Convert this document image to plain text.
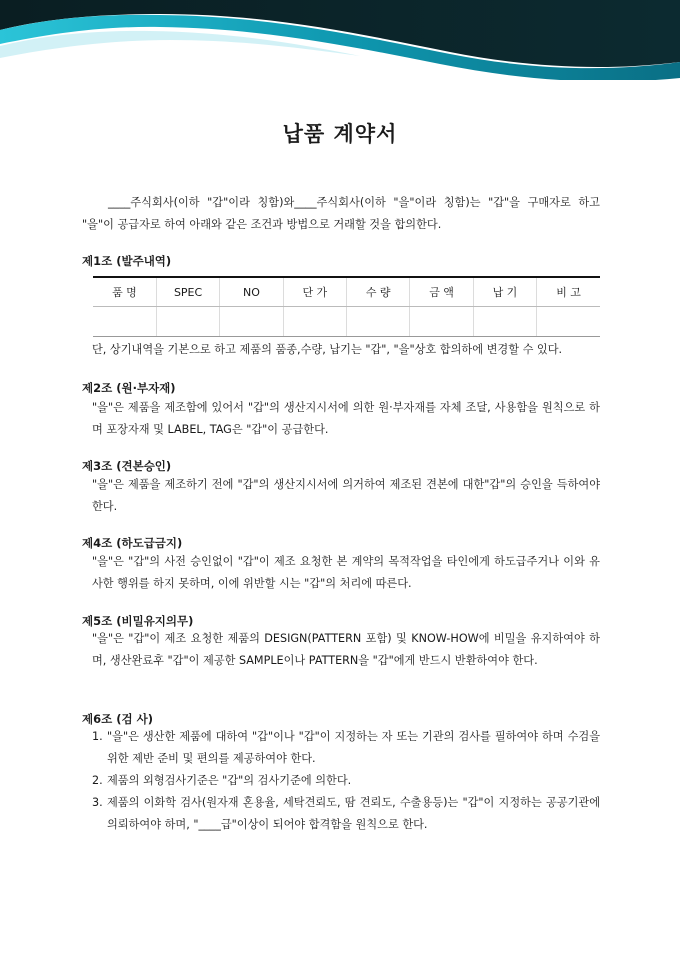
납품 계약서

____주식회사(이하 "갑"이라 칭함)와____주식회사(이하 "을"이라 칭함)는 "갑"을 구매자로 하고 "을"이 공급자로 하여 아래와 같은 조건과 방법으로 거래할 것을 합의한다.

제1조 (발주내역)

품 명	SPEC	NO	단 가	수 량	금 액	납 기	비 고

단, 상기내역을 기본으로 하고 제품의 품종,수량, 납기는 "갑", "을"상호 합의하에 변경할 수 있다.

제2조 (원·부자재)

"을"은 제품을 제조함에 있어서 "갑"의 생산지시서에 의한 원·부자재를 자체 조달, 사용함을 원칙으로 하며 포장자재 및 LABEL, TAG은 "갑"이 공급한다.

제3조 (견본승인)

"을"은 제품을 제조하기 전에 "갑"의 생산지시서에 의거하여 제조된 견본에 대한"갑"의 승인을 득하여야 한다.

제4조 (하도급금지)

"을"은 "갑"의 사전 승인없이 "갑"이 제조 요청한 본 계약의 목적작업을 타인에게 하도급주거나 이와 유사한 행위를 하지 못하며, 이에 위반할 시는 "갑"의 처리에 따른다.

제5조 (비밀유지의무)

"을"은 "갑"이 제조 요청한 제품의 DESIGN(PATTERN 포함) 및 KNOW-HOW에 비밀을 유지하여야 하며, 생산완료후 "갑"이 제공한 SAMPLE이나 PATTERN을 "갑"에게 반드시 반환하여야 한다.

제6조 (검 사)

1. "을"은 생산한 제품에 대하여 "갑"이나 "갑"이 지정하는 자 또는 기관의 검사를 필하여야 하며 수검을 위한 제반 준비 및 편의를 제공하여야 한다.
2. 제품의 외형검사기준은 "갑"의 검사기준에 의한다.
3. 제품의 이화학 검사(원자재 혼용율, 세탁견뢰도, 땀 견뢰도, 수출용등)는 "갑"이 지정하는 공공기관에 의뢰하여야 하며, "____급"이상이 되어야 합격함을 원칙으로 한다.
